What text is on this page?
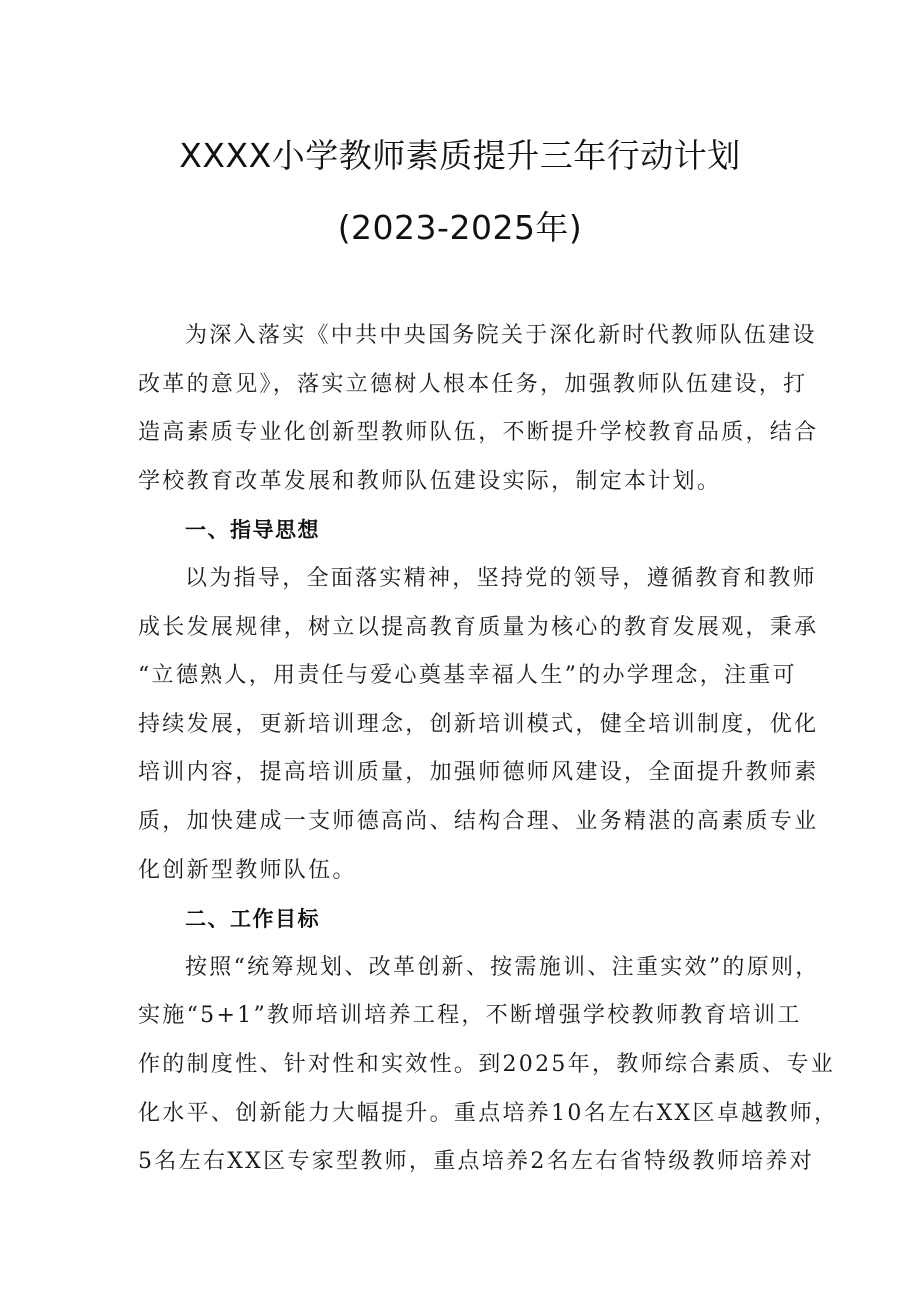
XXXX小学教师素质提升三年行动计划
(2023-2025年)

为深入落实《中共中央国务院关于深化新时代教师队伍建设
改革的意见》，落实立德树人根本任务，加强教师队伍建设，打
造高素质专业化创新型教师队伍，不断提升学校教育品质，结合
学校教育改革发展和教师队伍建设实际，制定本计划。

一、指导思想

以为指导，全面落实精神，坚持党的领导，遵循教育和教师
成长发展规律，树立以提高教育质量为核心的教育发展观，秉承
“立德熟人，用责任与爱心奠基幸福人生”的办学理念，注重可
持续发展，更新培训理念，创新培训模式，健全培训制度，优化
培训内容，提高培训质量，加强师德师风建设，全面提升教师素
质，加快建成一支师德高尚、结构合理、业务精湛的高素质专业
化创新型教师队伍。

二、工作目标

按照“统筹规划、改革创新、按需施训、注重实效”的原则，
实施“5+1”教师培训培养工程，不断增强学校教师教育培训工
作的制度性、针对性和实效性。到2025年，教师综合素质、专业
化水平、创新能力大幅提升。重点培养10名左右XX区卓越教师，
5名左右XX区专家型教师，重点培养2名左右省特级教师培养对
